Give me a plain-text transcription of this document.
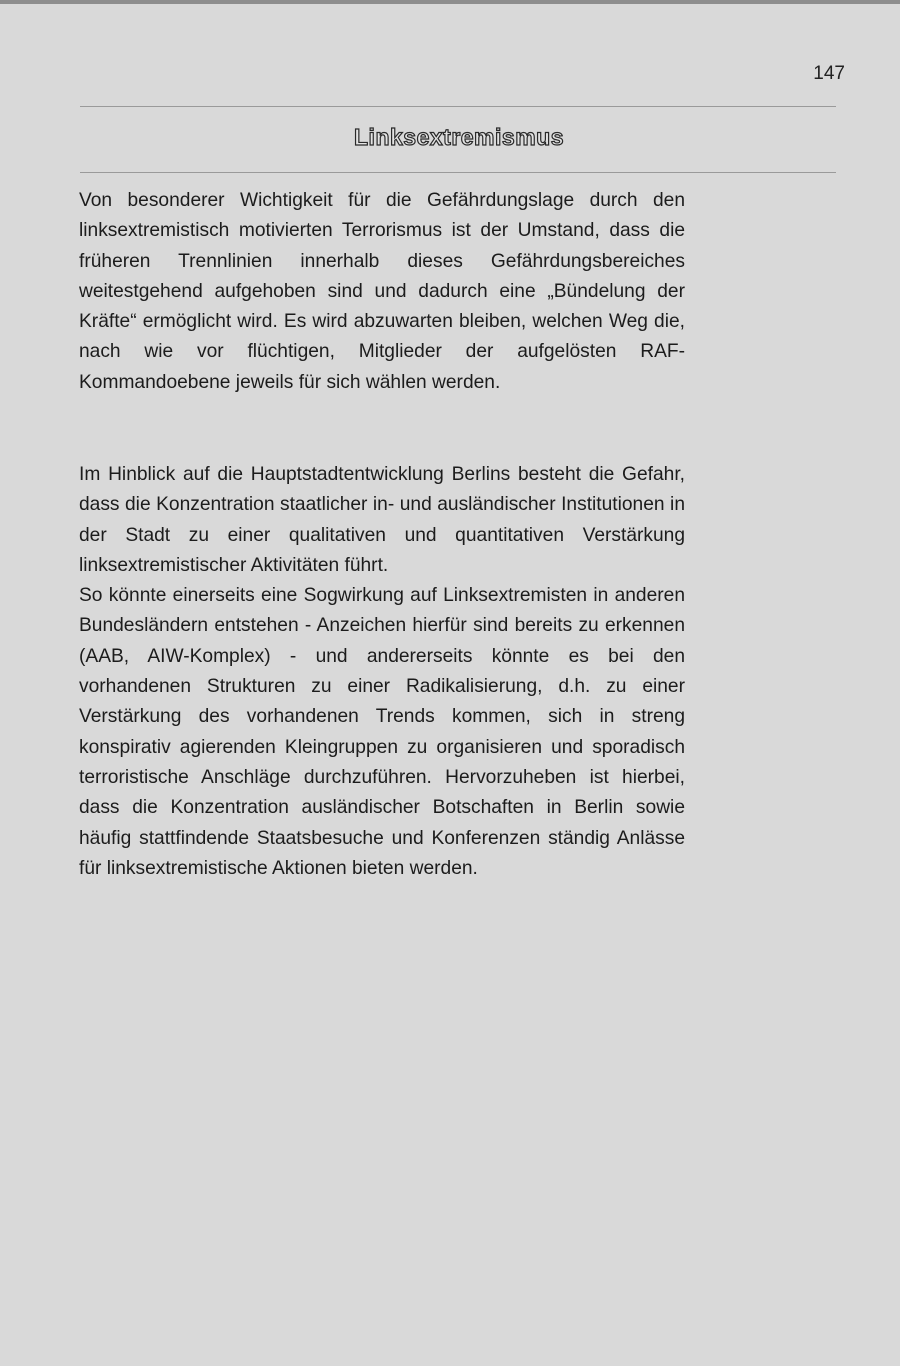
147
Linksextremismus

Von besonderer Wichtigkeit für die Gefährdungslage durch den linksextremistisch motivierten Terrorismus ist der Umstand, dass die früheren Trennlinien innerhalb dieses Gefährdungsbereiches weitestgehend aufgehoben sind und dadurch eine „Bündelung der Kräfte“ ermöglicht wird. Es wird abzuwarten bleiben, welchen Weg die, nach wie vor flüchtigen, Mitglieder der aufgelösten RAF-Kommandoebene jeweils für sich wählen werden.

Im Hinblick auf die Hauptstadtentwicklung Berlins besteht die Gefahr, dass die Konzentration staatlicher in- und ausländischer Institutionen in der Stadt zu einer qualitativen und quantitativen Verstärkung linksextremistischer Aktivitäten führt.

So könnte einerseits eine Sogwirkung auf Linksextremisten in anderen Bundesländern entstehen - Anzeichen hierfür sind bereits zu erkennen (AAB, AIW-Komplex) - und andererseits könnte es bei den vorhandenen Strukturen zu einer Radikalisierung, d.h. zu einer Verstärkung des vorhandenen Trends kommen, sich in streng konspirativ agierenden Kleingruppen zu organisieren und sporadisch terroristische Anschläge durchzuführen. Hervorzuheben ist hierbei, dass die Konzentration ausländischer Botschaften in Berlin sowie häufig stattfindende Staatsbesuche und Konferenzen ständig Anlässe für linksextremistische Aktionen bieten werden.
